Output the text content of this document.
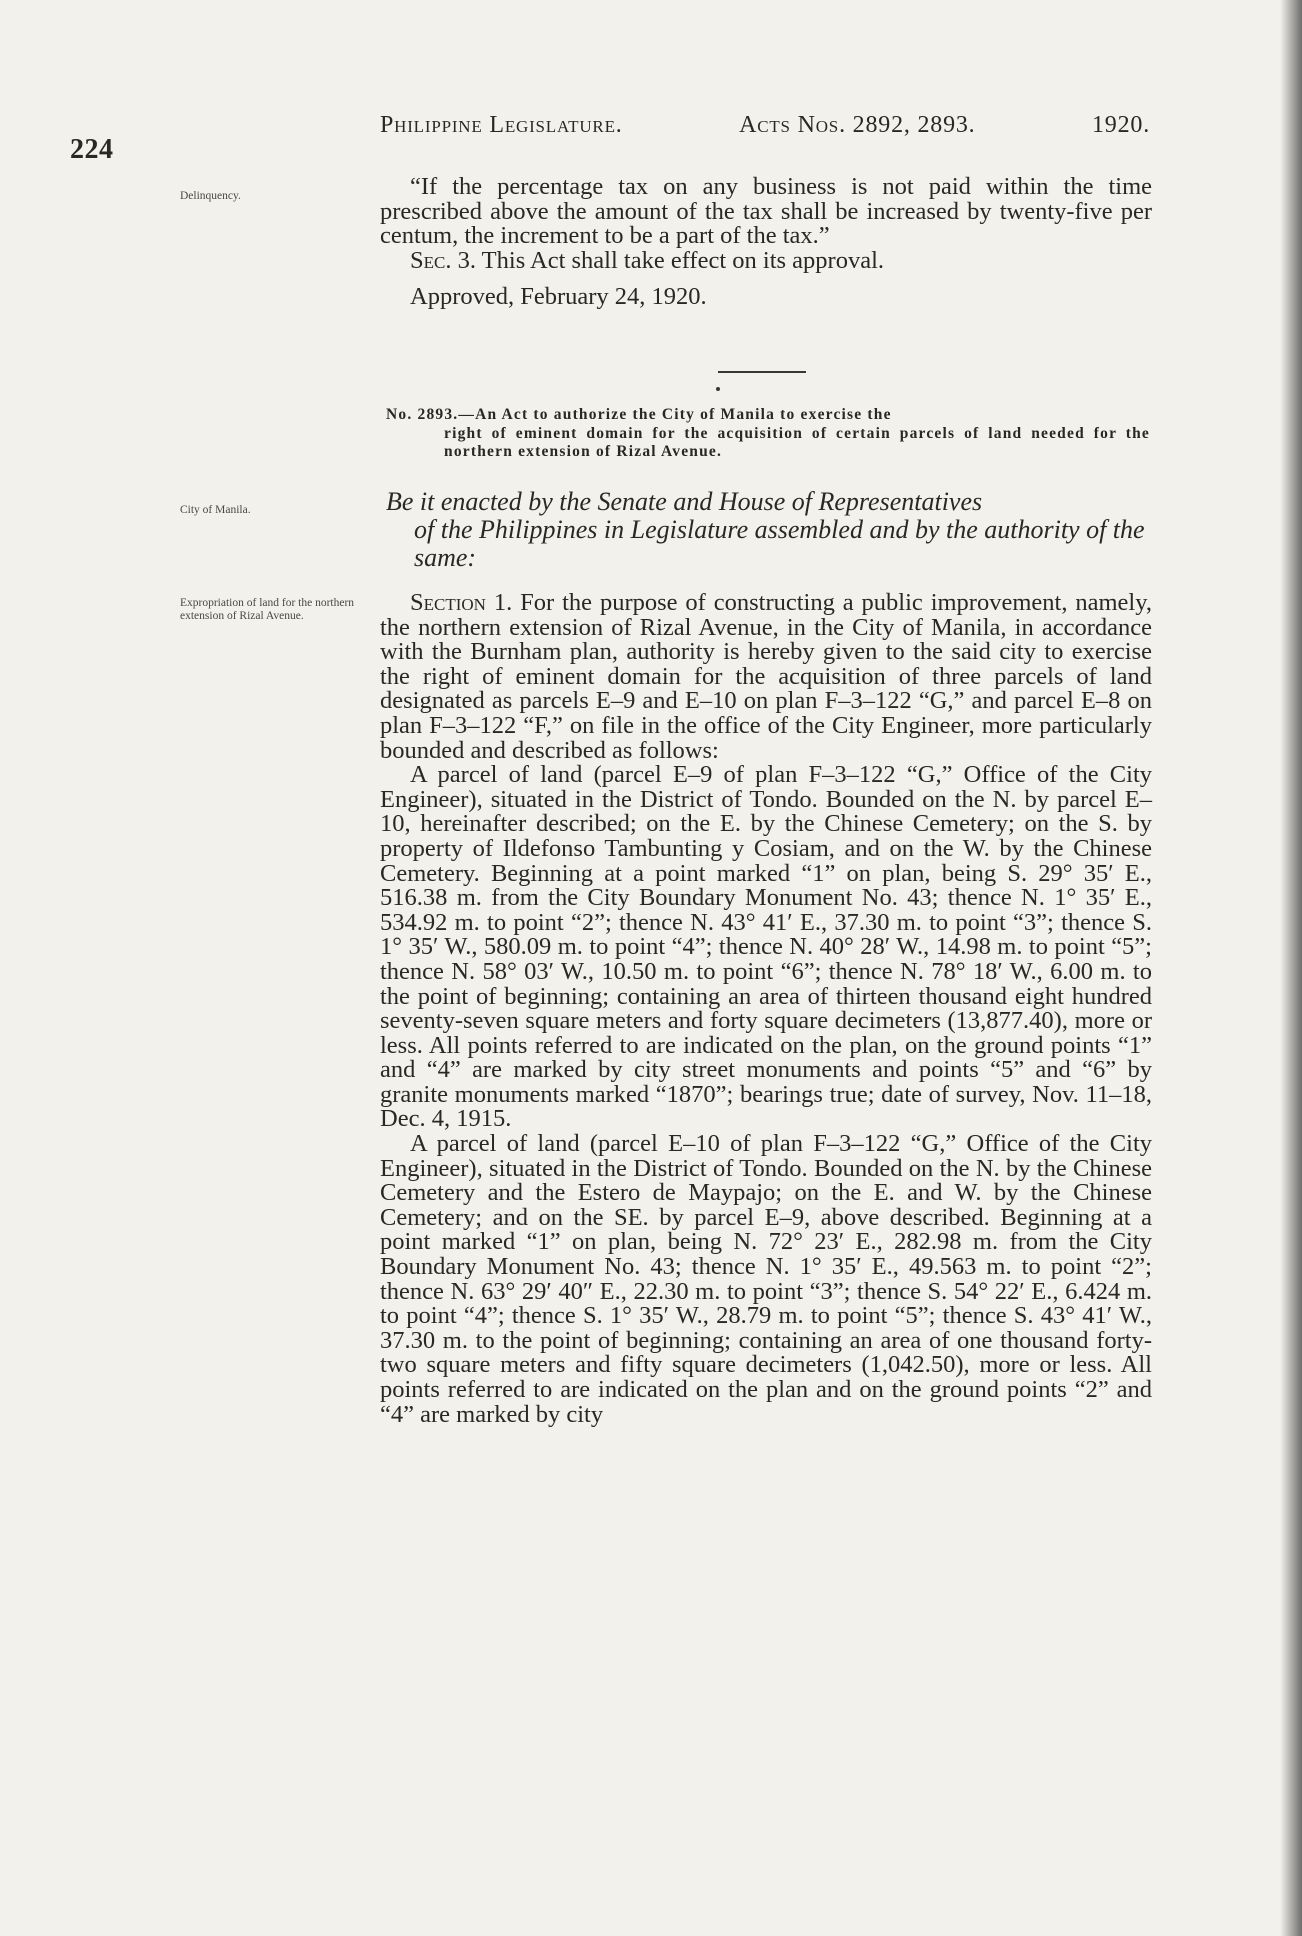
224
Philippine Legislature.	Acts Nos. 2892, 2893.	1920.
Delinquency.
City of Manila.
Expropriation of land for the northern extension of Rizal Avenue.

“If the percentage tax on any business is not paid within the time prescribed above the amount of the tax shall be increased by twenty-five per centum, the increment to be a part of the tax.”

Sec. 3. This Act shall take effect on its approval.

Approved, February 24, 1920.

No. 2893.—An Act to authorize the City of Manila to exercise the
right of eminent domain for the acquisition of certain parcels of land needed for the northern extension of Rizal Avenue.
Be it enacted by the Senate and House of Representatives
of the Philippines in Legislature assembled and by the authority of the same:

Section 1. For the purpose of constructing a public improvement, namely, the northern extension of Rizal Avenue, in the City of Manila, in accordance with the Burnham plan, authority is hereby given to the said city to exercise the right of eminent domain for the acquisition of three parcels of land designated as parcels E–9 and E–10 on plan F–3–122 “G,” and parcel E–8 on plan F–3–122 “F,” on file in the office of the City Engineer, more particularly bounded and described as follows:

A parcel of land (parcel E–9 of plan F–3–122 “G,” Office of the City Engineer), situated in the District of Tondo. Bounded on the N. by parcel E–10, hereinafter described; on the E. by the Chinese Cemetery; on the S. by property of Ildefonso Tambunting y Cosiam, and on the W. by the Chinese Cemetery. Beginning at a point marked “1” on plan, being S. 29° 35′ E., 516.38 m. from the City Boundary Monument No. 43; thence N. 1° 35′ E., 534.92 m. to point “2”; thence N. 43° 41′ E., 37.30 m. to point “3”; thence S. 1° 35′ W., 580.09 m. to point “4”; thence N. 40° 28′ W., 14.98 m. to point “5”; thence N. 58° 03′ W., 10.50 m. to point “6”; thence N. 78° 18′ W., 6.00 m. to the point of beginning; containing an area of thirteen thousand eight hundred seventy-seven square meters and forty square decimeters (13,877.40), more or less. All points referred to are indicated on the plan, on the ground points “1” and “4” are marked by city street monuments and points “5” and “6” by granite monuments marked “1870”; bearings true; date of survey, Nov. 11–18, Dec. 4, 1915.

A parcel of land (parcel E–10 of plan F–3–122 “G,” Office of the City Engineer), situated in the District of Tondo. Bounded on the N. by the Chinese Cemetery and the Estero de Maypajo; on the E. and W. by the Chinese Cemetery; and on the SE. by parcel E–9, above described. Beginning at a point marked “1” on plan, being N. 72° 23′ E., 282.98 m. from the City Boundary Monument No. 43; thence N. 1° 35′ E., 49.563 m. to point “2”; thence N. 63° 29′ 40″ E., 22.30 m. to point “3”; thence S. 54° 22′ E., 6.424 m. to point “4”; thence S. 1° 35′ W., 28.79 m. to point “5”; thence S. 43° 41′ W., 37.30 m. to the point of beginning; containing an area of one thousand forty-two square meters and fifty square decimeters (1,042.50), more or less. All points referred to are indicated on the plan and on the ground points “2” and “4” are marked by city
